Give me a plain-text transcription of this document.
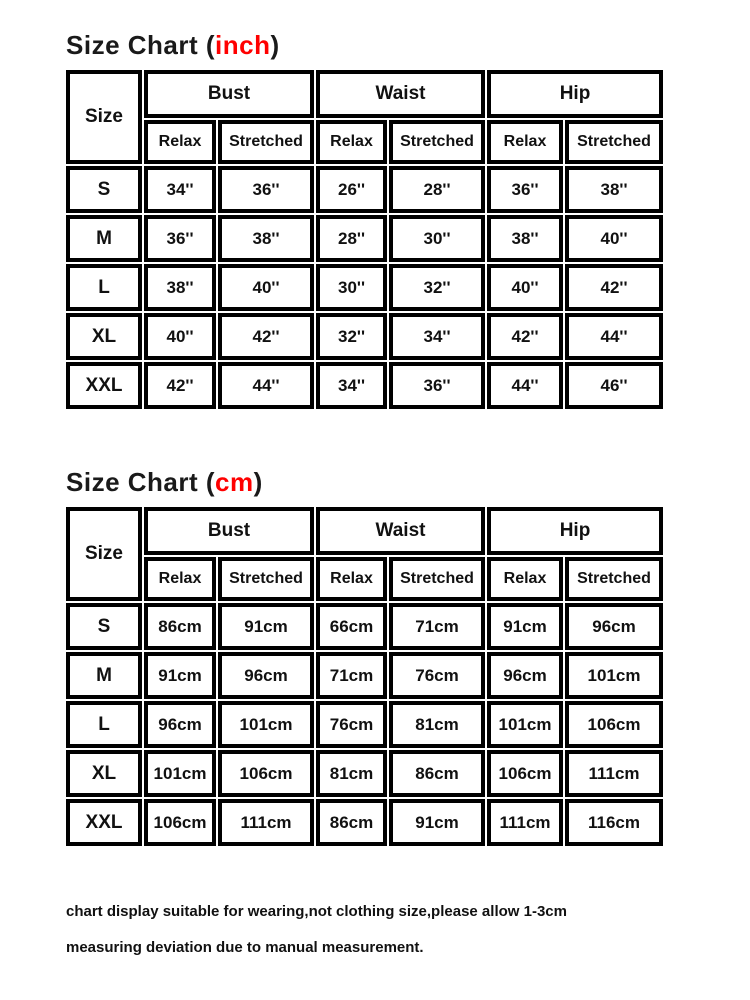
Size Chart (inch)
Size	Bust		Waist		Hip	
	Relax	Stretched	Relax	Stretched	Relax	Stretched
S	34''	36''	26''	28''	36''	38''
M	36''	38''	28''	30''	38''	40''
L	38''	40''	30''	32''	40''	42''
XL	40''	42''	32''	34''	42''	44''
XXL	42''	44''	34''	36''	44''	46''
Size Chart (cm)
Size	Bust		Waist		Hip	
	Relax	Stretched	Relax	Stretched	Relax	Stretched
S	86cm	91cm	66cm	71cm	91cm	96cm
M	91cm	96cm	71cm	76cm	96cm	101cm
L	96cm	101cm	76cm	81cm	101cm	106cm
XL	101cm	106cm	81cm	86cm	106cm	111cm
XXL	106cm	111cm	86cm	91cm	111cm	116cm
chart display suitable for wearing,not clothing size,please allow 1-3cm
measuring deviation due to manual measurement.
